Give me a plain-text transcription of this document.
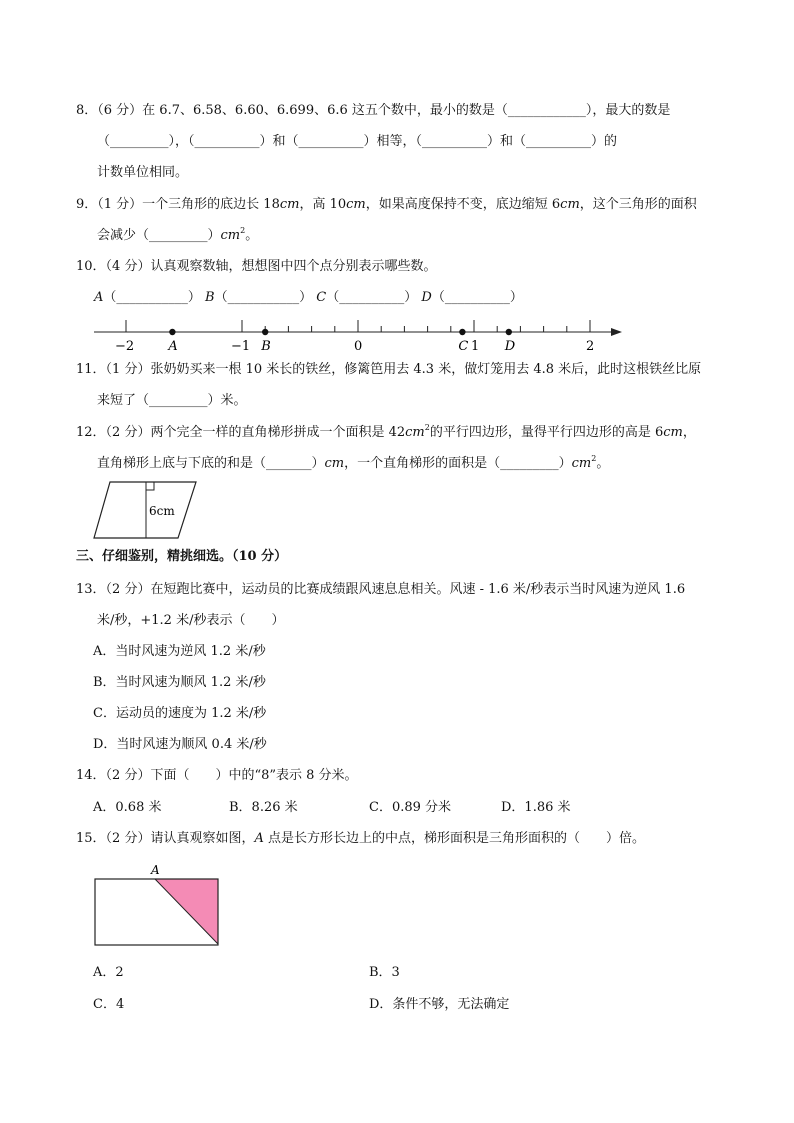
8．（6 分）在 6.7、6.58、6.60、6.699、6.6 这五个数中，最小的数是（____________），最大的数是
（_________），（__________）和（__________）相等，（__________）和（__________）的
计数单位相同。
9．（1 分）一个三角形的底边长 18cm，高 10cm，如果高度保持不变，底边缩短 6cm，这个三角形的面积
会减少$(\_\_\_\_\_\_\_\_\_)cm^2$。
10．（4 分）认真观察数轴，想想图中四个点分别表示哪些数。
A（___________） B（___________） C（__________） D（__________）
−2	−1	0	1	2
A	B	C	D
11．（1 分）张奶奶买来一根 10 米长的铁丝，修篱笆用去 4.3 米，做灯笼用去 4.8 米后，此时这根铁丝比原
来短了（_________）米。
12．（2 分）两个完全一样的直角梯形拼成一个面积是 $42cm^2$的平行四边形，量得平行四边形的高是 6cm，
直角梯形上底与下底的和是（_______）cm，一个直角梯形的面积是$(\_\_\_\_\_\_\_\_\_)cm^2$。
6cm
三、仔细鉴别，精挑细选。（10 分）
13．（2 分）在短跑比赛中，运动员的比赛成绩跟风速息息相关。风速 - 1.6 米/秒表示当时风速为逆风 1.6
米/秒，+1.2 米/秒表示（　　）
A．当时风速为逆风 1.2 米/秒
B．当时风速为顺风 1.2 米/秒
C．运动员的速度为 1.2 米/秒
D．当时风速为顺风 0.4 米/秒
14．（2 分）下面（　　）中的“8”表示 8 分米。
A．0.68 米	B．8.26 米	C．0.89 分米	D．1.86 米
15．（2 分）请认真观察如图，A 点是长方形长边上的中点，梯形面积是三角形面积的（　　）倍。
A
A．2	B．3
C．4	D．条件不够，无法确定
